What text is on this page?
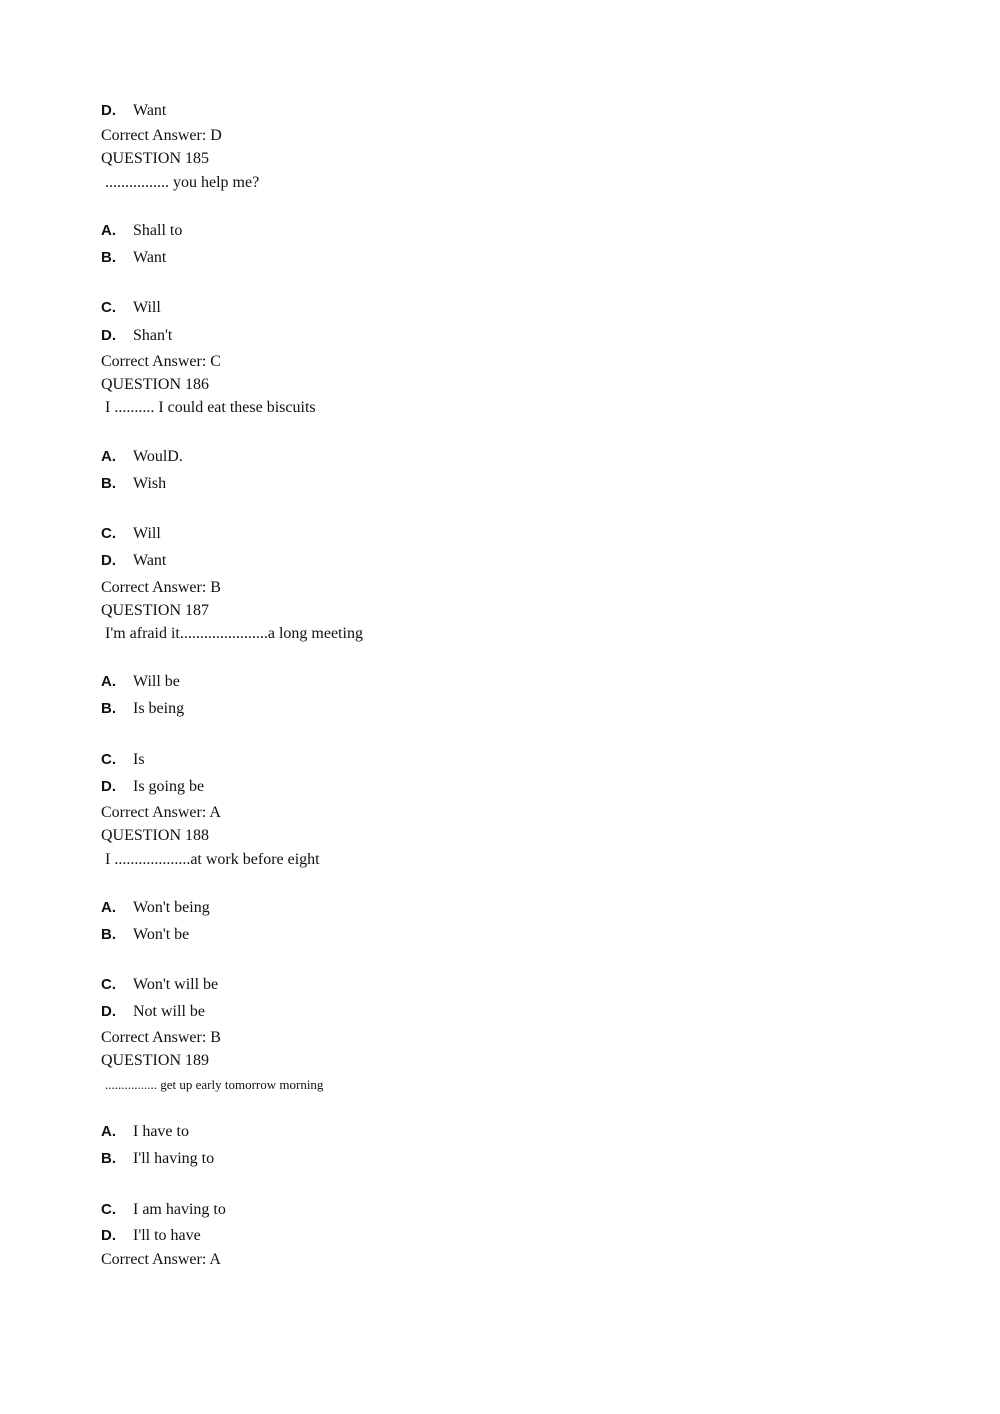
D. Want
Correct Answer: D
QUESTION 185
................ you help me?
A. Shall to
B. Want
C. Will
D. Shan't
Correct Answer: C
QUESTION 186
I .......... I could eat these biscuits
A. WoulD.
B. Wish
C. Will
D. Want
Correct Answer: B
QUESTION 187
I'm afraid it......................a long meeting
A. Will be
B. Is being
C. Is
D. Is going be
Correct Answer: A
QUESTION 188
I ...................at work before eight
A. Won't being
B. Won't be
C. Won't will be
D. Not will be
Correct Answer: B
QUESTION 189
................ get up early tomorrow morning
A. I have to
B. I'll having to
C. I am having to
D. I'll to have
Correct Answer: A
